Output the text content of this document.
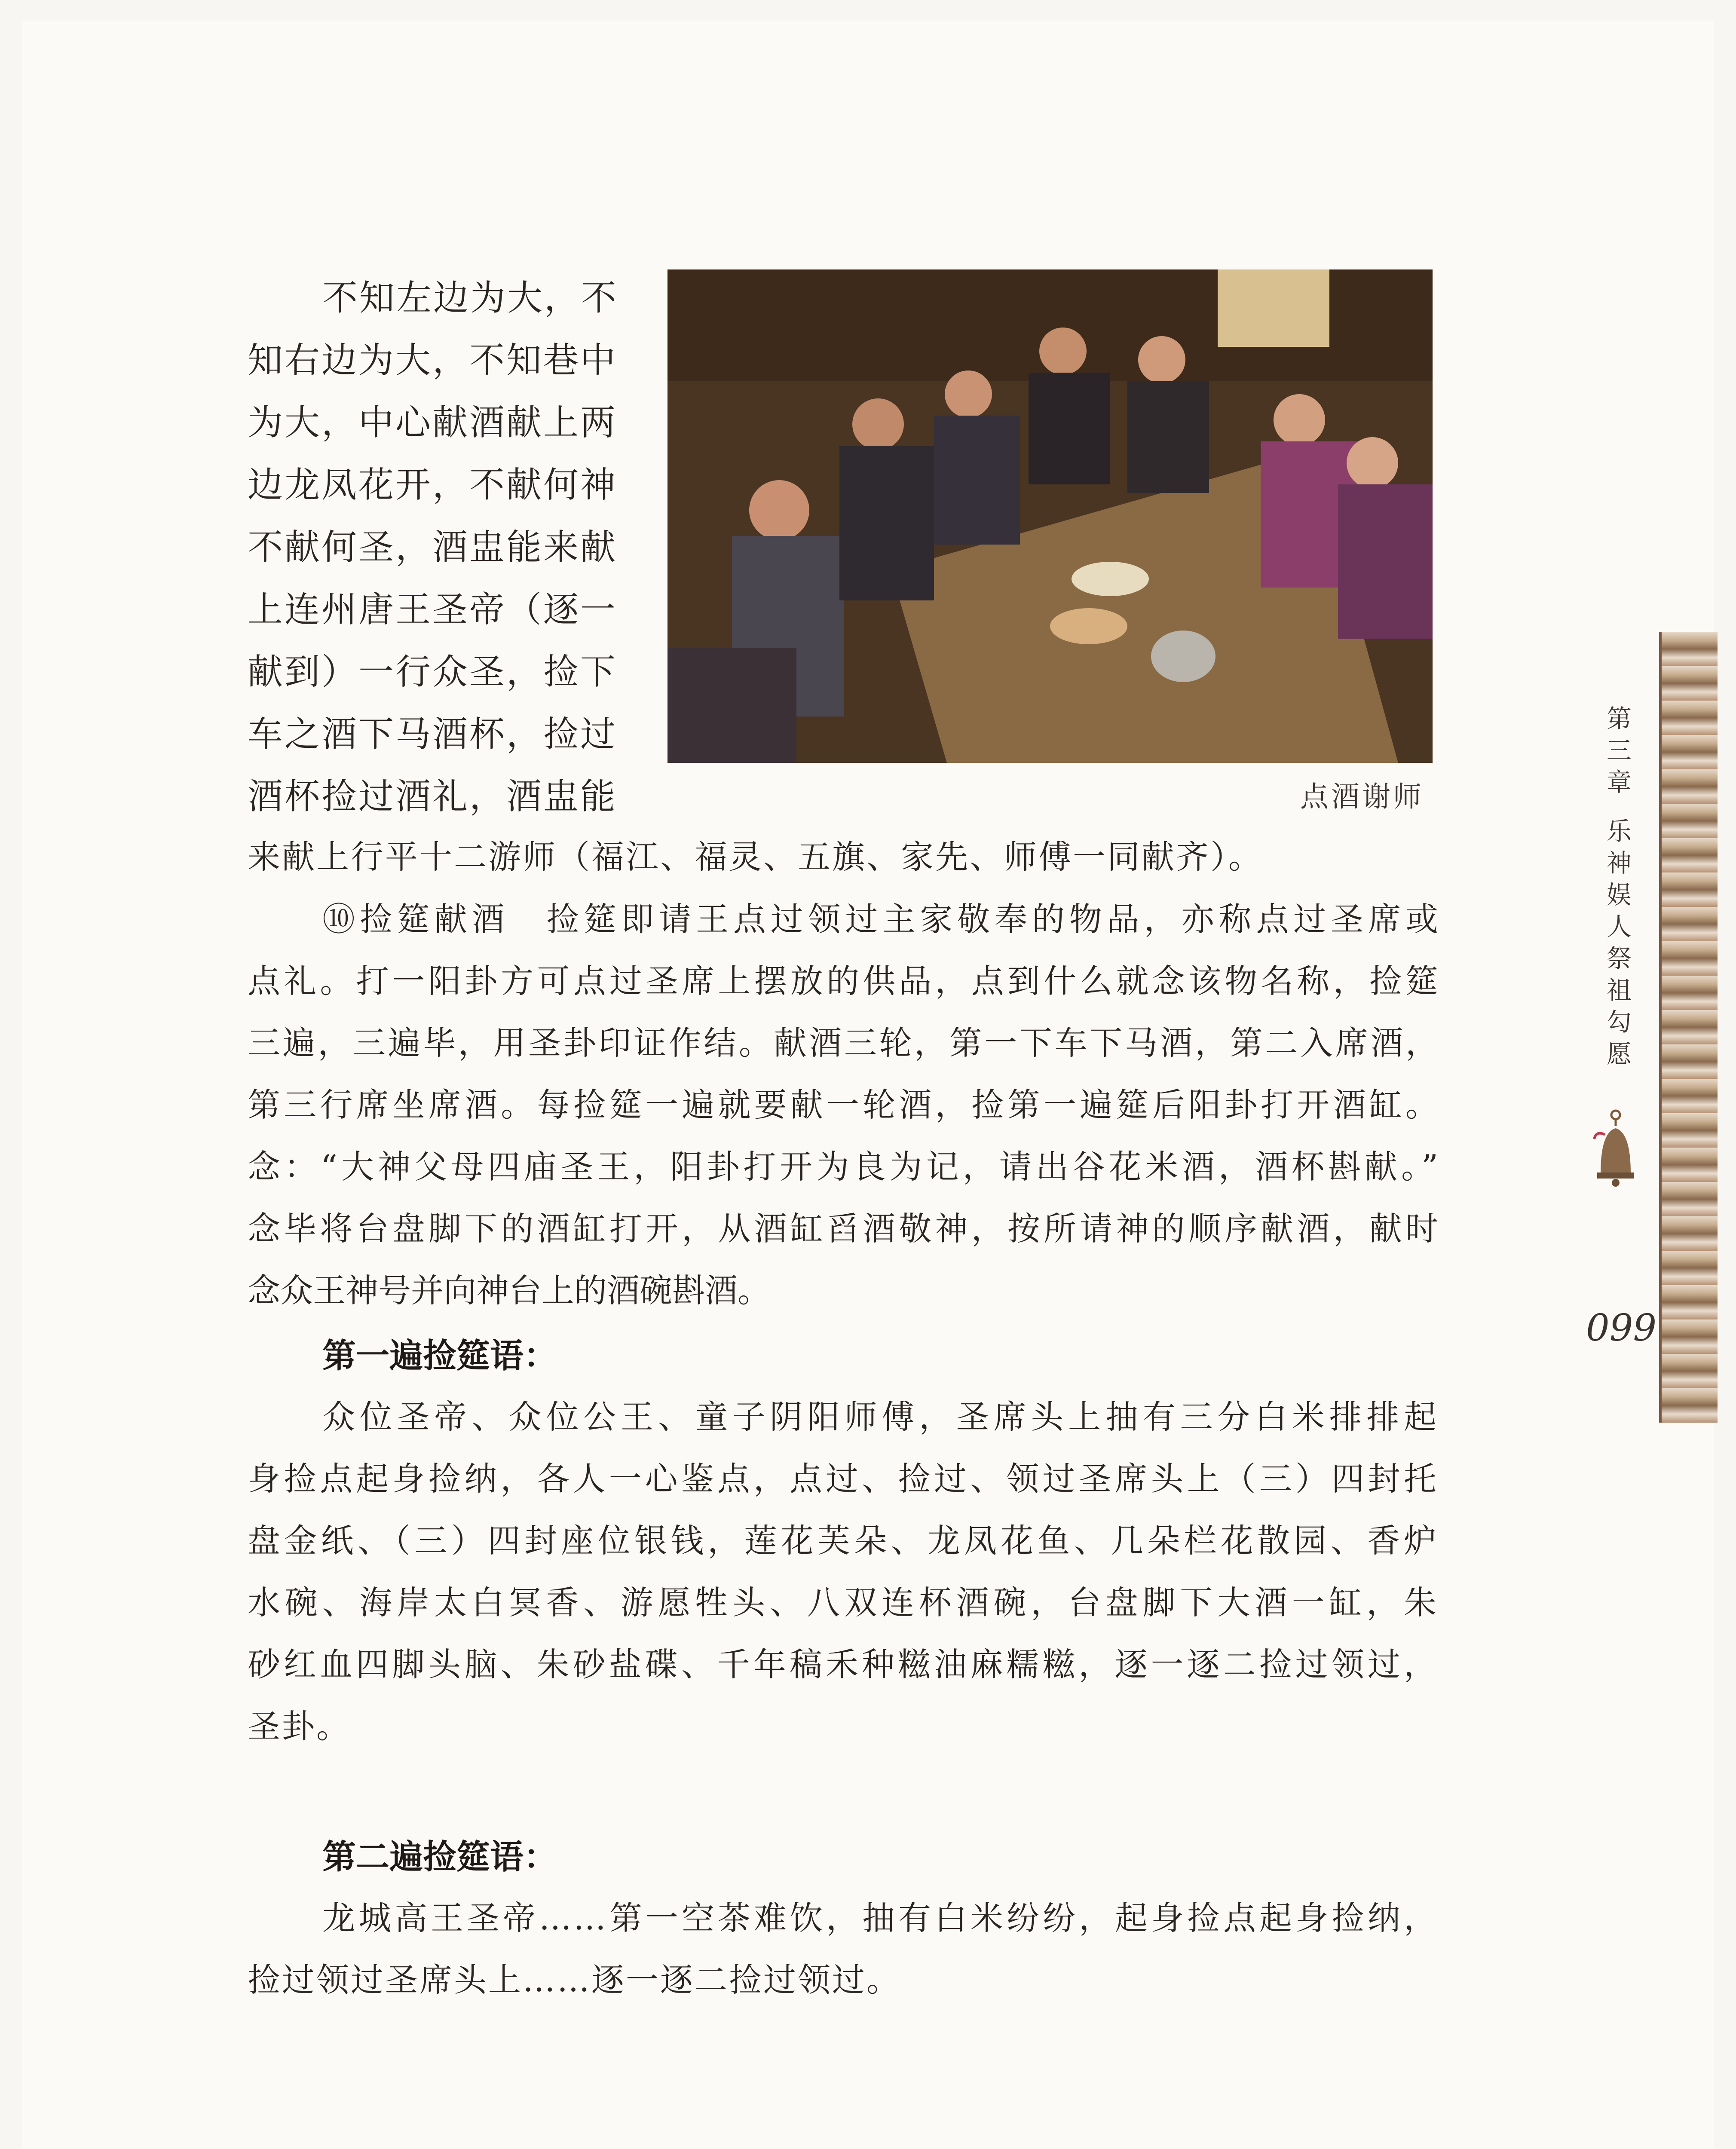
点酒谢师
不知左边为大，不
知右边为大，不知巷中
为大，中心献酒献上两
边龙凤花开，不献何神
不献何圣，酒盅能来献
上连州唐王圣帝（逐一
献到）一行众圣，捡下
车之酒下马酒杯，捡过
酒杯捡过酒礼，酒盅能
来献上行平十二游师（福江、福灵、五旗、家先、师傅一同献齐）。
⑩捡筵献酒　捡筵即请王点过领过主家敬奉的物品，亦称点过圣席或
点礼。打一阳卦方可点过圣席上摆放的供品，点到什么就念该物名称，捡筵
三遍，三遍毕，用圣卦印证作结。献酒三轮，第一下车下马酒，第二入席酒，
第三行席坐席酒。每捡筵一遍就要献一轮酒，捡第一遍筵后阳卦打开酒缸。
念：“大神父母四庙圣王，阳卦打开为良为记，请出谷花米酒，酒杯斟献。”
念毕将台盘脚下的酒缸打开，从酒缸舀酒敬神，按所请神的顺序献酒，献时
念众王神号并向神台上的酒碗斟酒。
第一遍捡筵语：
众位圣帝、众位公王、童子阴阳师傅，圣席头上抽有三分白米排排起
身捡点起身捡纳，各人一心鉴点，点过、捡过、领过圣席头上（三）四封托
盘金纸、（三）四封座位银钱，莲花芙朵、龙凤花鱼、几朵栏花散园、香炉
水碗、海岸太白冥香、游愿牲头、八双连杯酒碗，台盘脚下大酒一缸，朱
砂红血四脚头脑、朱砂盐碟、千年稿禾种糍油麻糯糍，逐一逐二捡过领过，
圣卦。
第二遍捡筵语：
龙城高王圣帝……第一空茶难饮，抽有白米纷纷，起身捡点起身捡纳，
捡过领过圣席头上……逐一逐二捡过领过。
第
三
章
乐
神
娱
人
祭
祖
勾
愿
099
